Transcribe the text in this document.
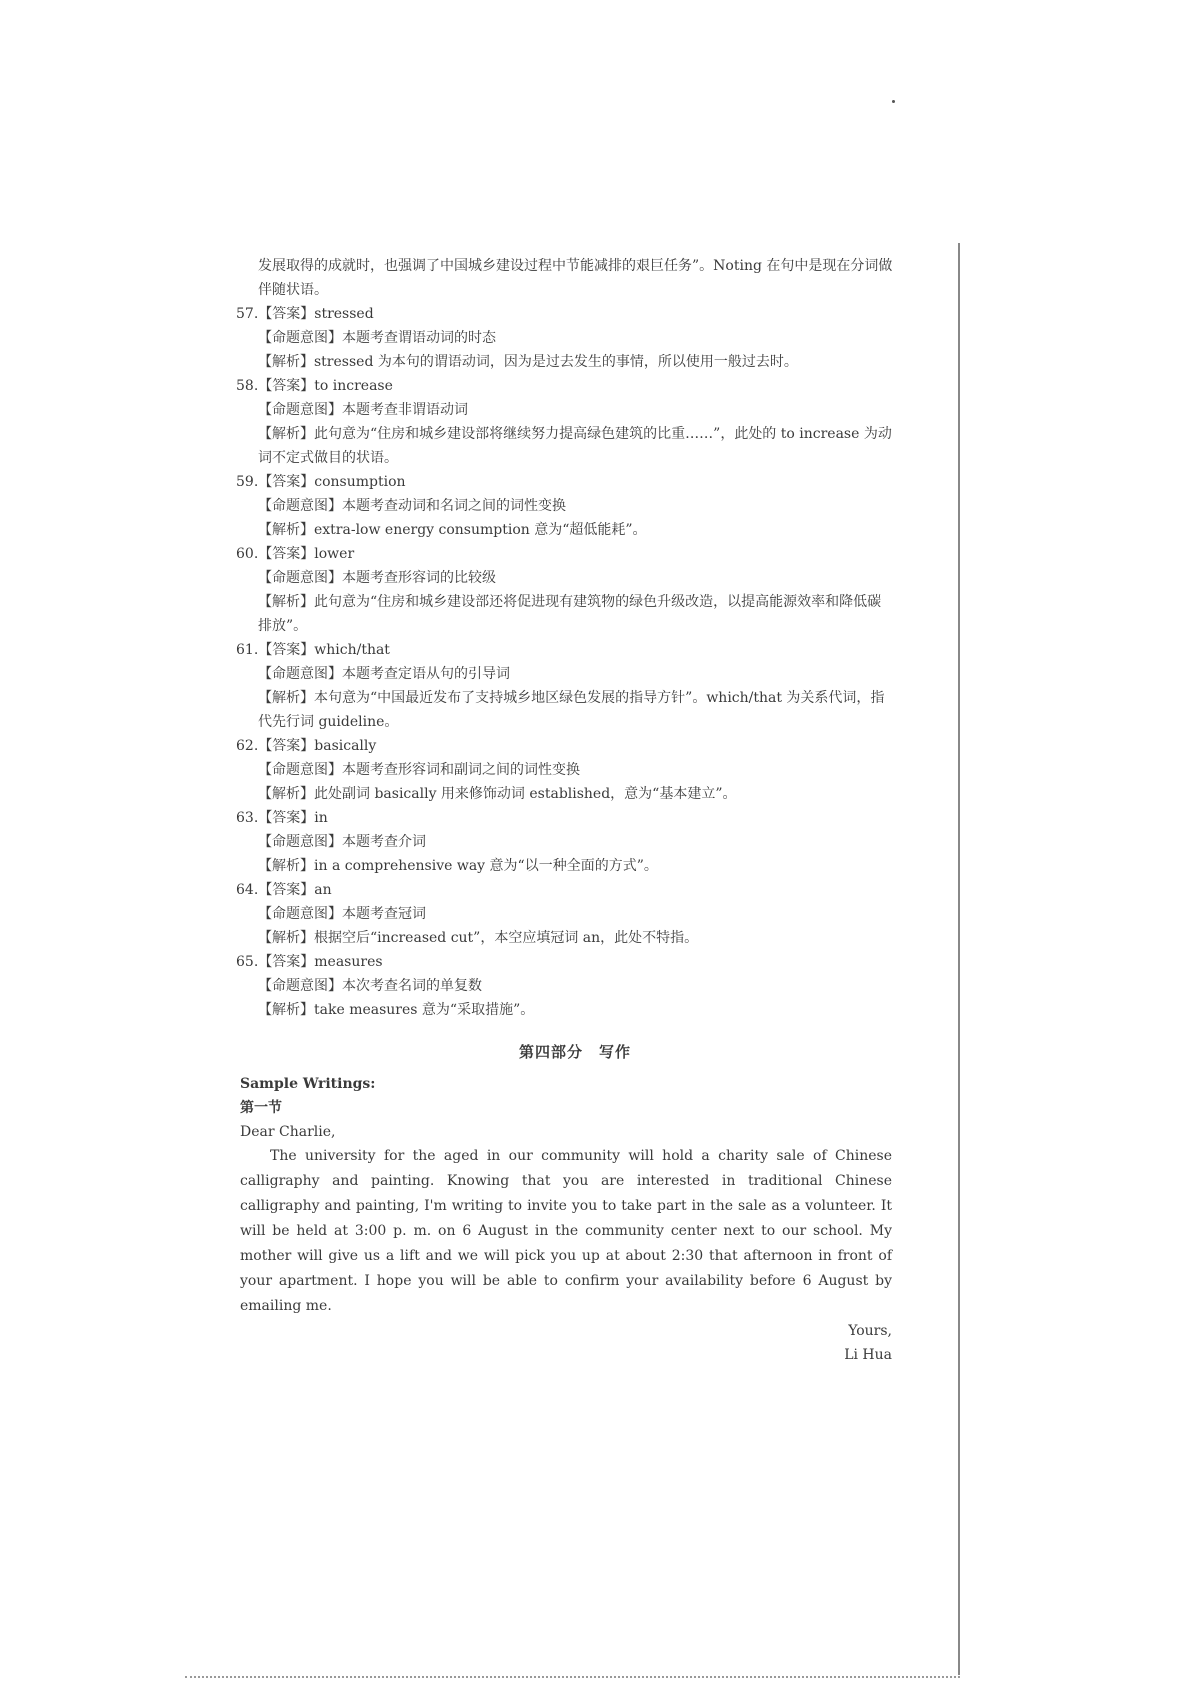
发展取得的成就时，也强调了中国城乡建设过程中节能减排的艰巨任务”。Noting 在句中是现在分词做
伴随状语。
57.【答案】stressed
【命题意图】本题考查谓语动词的时态
【解析】stressed 为本句的谓语动词，因为是过去发生的事情，所以使用一般过去时。
58.【答案】to increase
【命题意图】本题考查非谓语动词
【解析】此句意为“住房和城乡建设部将继续努力提高绿色建筑的比重……”，此处的 to increase 为动词不定式做目的状语。
59.【答案】consumption
【命题意图】本题考查动词和名词之间的词性变换
【解析】extra-low energy consumption 意为“超低能耗”。
60.【答案】lower
【命题意图】本题考查形容词的比较级
【解析】此句意为“住房和城乡建设部还将促进现有建筑物的绿色升级改造，以提高能源效率和降低碳排放”。
61.【答案】which/that
【命题意图】本题考查定语从句的引导词
【解析】本句意为“中国最近发布了支持城乡地区绿色发展的指导方针”。which/that 为关系代词，指代先行词 guideline。
62.【答案】basically
【命题意图】本题考查形容词和副词之间的词性变换
【解析】此处副词 basically 用来修饰动词 established，意为“基本建立”。
63.【答案】in
【命题意图】本题考查介词
【解析】in a comprehensive way 意为“以一种全面的方式”。
64.【答案】an
【命题意图】本题考查冠词
【解析】根据空后“increased cut”，本空应填冠词 an，此处不特指。
65.【答案】measures
【命题意图】本次考查名词的单复数
【解析】take measures 意为“采取措施”。
第四部分　写作
Sample Writings:
第一节
Dear Charlie,
The university for the aged in our community will hold a charity sale of Chinese calligraphy and painting. Knowing that you are interested in traditional Chinese calligraphy and painting, I'm writing to invite you to take part in the sale as a volunteer. It will be held at 3:00 p. m. on 6 August in the community center next to our school. My mother will give us a lift and we will pick you up at about 2:30 that afternoon in front of your apartment. I hope you will be able to confirm your availability before 6 August by emailing me.
Yours,
Li Hua
